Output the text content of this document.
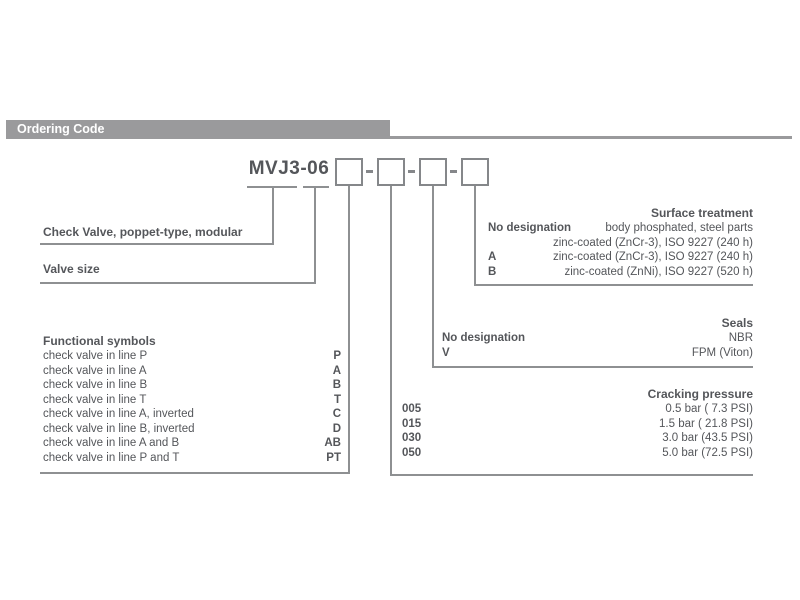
Ordering Code
MVJ3-06
Check Valve, poppet-type, modular
Valve size
Functional symbols
check valve in line P	P
check valve in line A	A
check valve in line B	B
check valve in line T	T
check valve in line A, inverted	C
check valve in line B, inverted	D
check valve in line A and B	AB
check valve in line P and T	PT
Surface treatment
No designation	body phosphated, steel parts
zinc-coated (ZnCr-3), ISO 9227 (240 h)
A	zinc-coated (ZnCr-3), ISO 9227 (240 h)
B	zinc-coated (ZnNi), ISO 9227 (520 h)
Seals
No designation	NBR
V	FPM (Viton)
Cracking pressure
005	0.5 bar ( 7.3 PSI)
015	1.5 bar ( 21.8 PSI)
030	3.0 bar (43.5 PSI)
050	5.0 bar (72.5 PSI)
